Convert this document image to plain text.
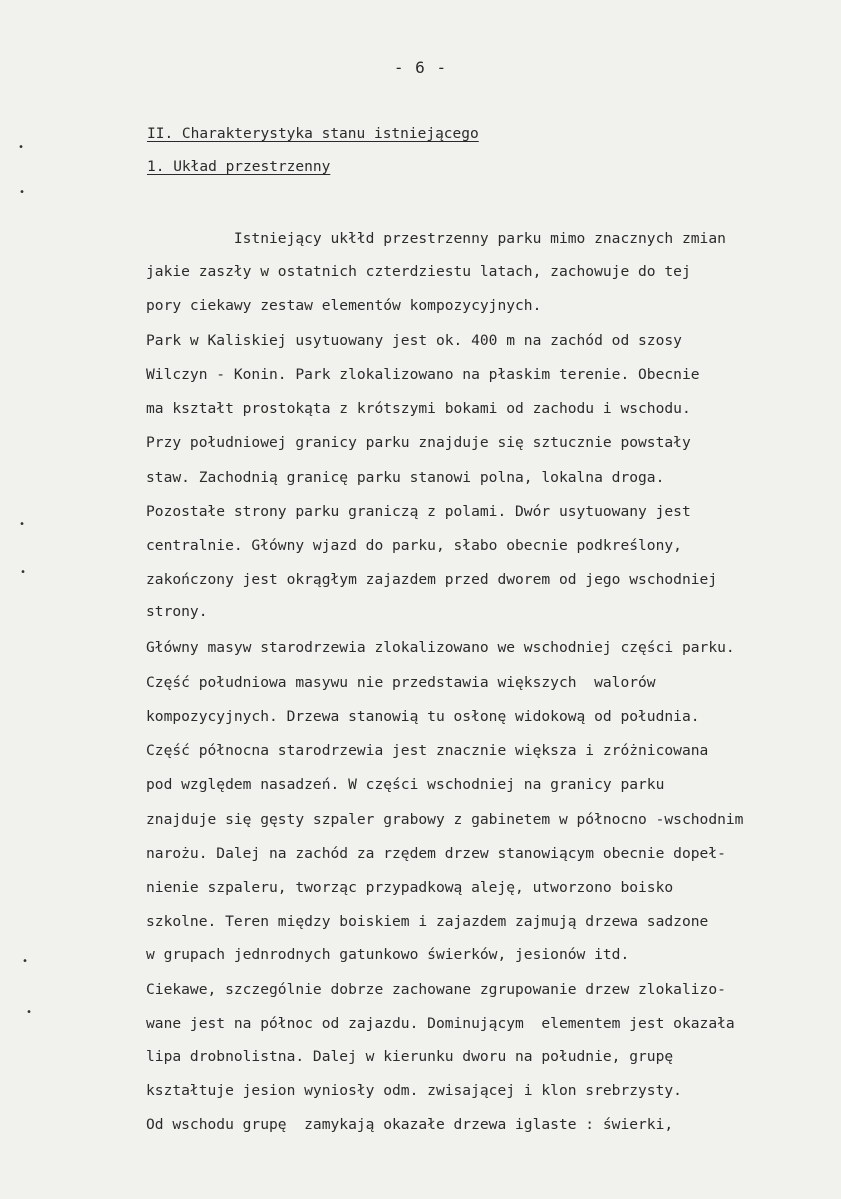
- 6 -
II. Charakterystyka stanu istniejącego
1. Układ przestrzenny
Istniejący ukłłd przestrzenny parku mimo znacznych zmian
jakie zaszły w ostatnich czterdziestu latach, zachowuje do tej
pory ciekawy zestaw elementów kompozycyjnych.
Park w Kaliskiej usytuowany jest ok. 400 m na zachód od szosy
Wilczyn - Konin. Park zlokalizowano na płaskim terenie. Obecnie
ma kształt prostokąta z krótszymi bokami od zachodu i wschodu.
Przy południowej granicy parku znajduje się sztucznie powstały
staw. Zachodnią granicę parku stanowi polna, lokalna droga.
Pozostałe strony parku graniczą z polami. Dwór usytuowany jest
centralnie. Główny wjazd do parku, słabo obecnie podkreślony,
zakończony jest okrągłym zajazdem przed dworem od jego wschodniej
strony.
Główny masyw starodrzewia zlokalizowano we wschodniej części parku.
Część południowa masywu nie przedstawia większych  walorów
kompozycyjnych. Drzewa stanowią tu osłonę widokową od południa.
Część północna starodrzewia jest znacznie większa i zróżnicowana
pod względem nasadzeń. W części wschodniej na granicy parku
znajduje się gęsty szpaler grabowy z gabinetem w północno -wschodnim
narożu. Dalej na zachód za rzędem drzew stanowiącym obecnie dopeł-
nienie szpaleru, tworząc przypadkową aleję, utworzono boisko
szkolne. Teren między boiskiem i zajazdem zajmują drzewa sadzone
w grupach jednrodnych gatunkowo świerków, jesionów itd.
Ciekawe, szczególnie dobrze zachowane zgrupowanie drzew zlokalizo-
wane jest na północ od zajazdu. Dominującym  elementem jest okazała
lipa drobnolistna. Dalej w kierunku dworu na południe, grupę
kształtuje jesion wyniosły odm. zwisającej i klon srebrzysty.
Od wschodu grupę  zamykają okazałe drzewa iglaste : świerki,
•
•
•
•
•
•
